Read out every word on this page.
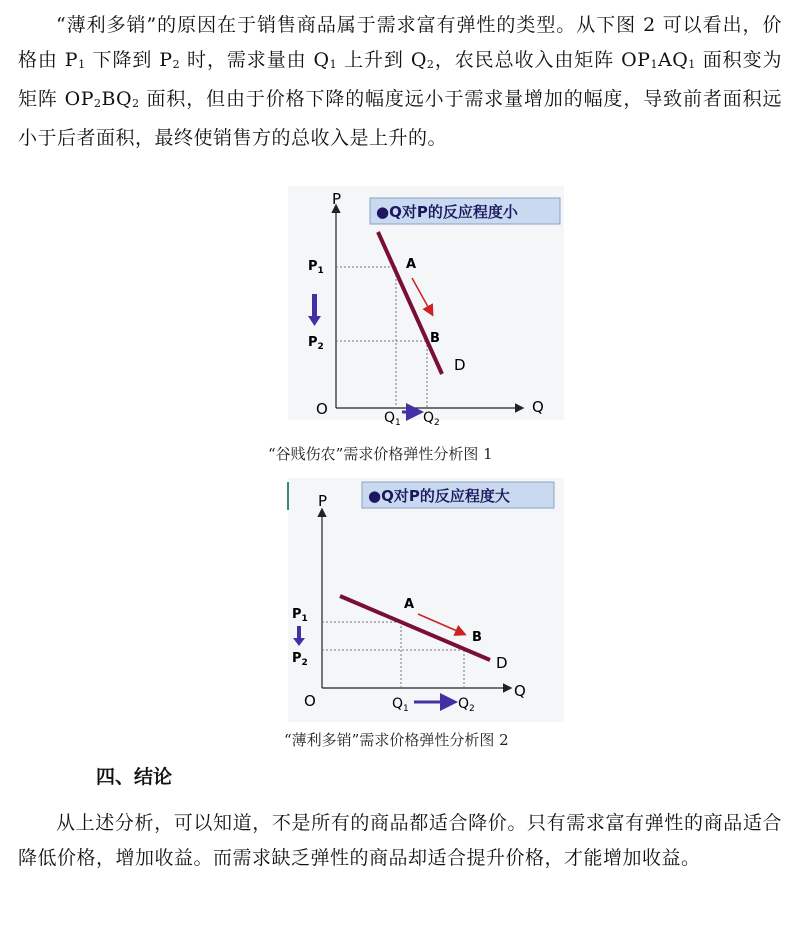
“薄利多销”的原因在于销售商品属于需求富有弹性的类型。从下图 2 可以看出，价格由 $P_1$ 下降到 $P_2$ 时，需求量由 $Q_1$ 上升到 $Q_2$，农民总收入由矩阵 $OP_1AQ_1$ 面积变为矩阵 $OP_2BQ_2$ 面积，但由于价格下降的幅度远小于需求量增加的幅度，导致前者面积远小于后者面积，最终使销售方的总收入是上升的。

●Q对P的反应程度小
P
Q
O
D
A
B
$P_1$
$P_2$
$Q_1$ $Q_2$

“谷贱伤农”需求价格弹性分析图 1

●Q对P的反应程度大
P
Q
O
D
A
B
$P_1$
$P_2$
$Q_1$	$Q_2$

“薄利多销”需求价格弹性分析图 2

四、结论

从上述分析，可以知道，不是所有的商品都适合降价。只有需求富有弹性的商品适合降低价格，增加收益。而需求缺乏弹性的商品却适合提升价格，才能增加收益。
